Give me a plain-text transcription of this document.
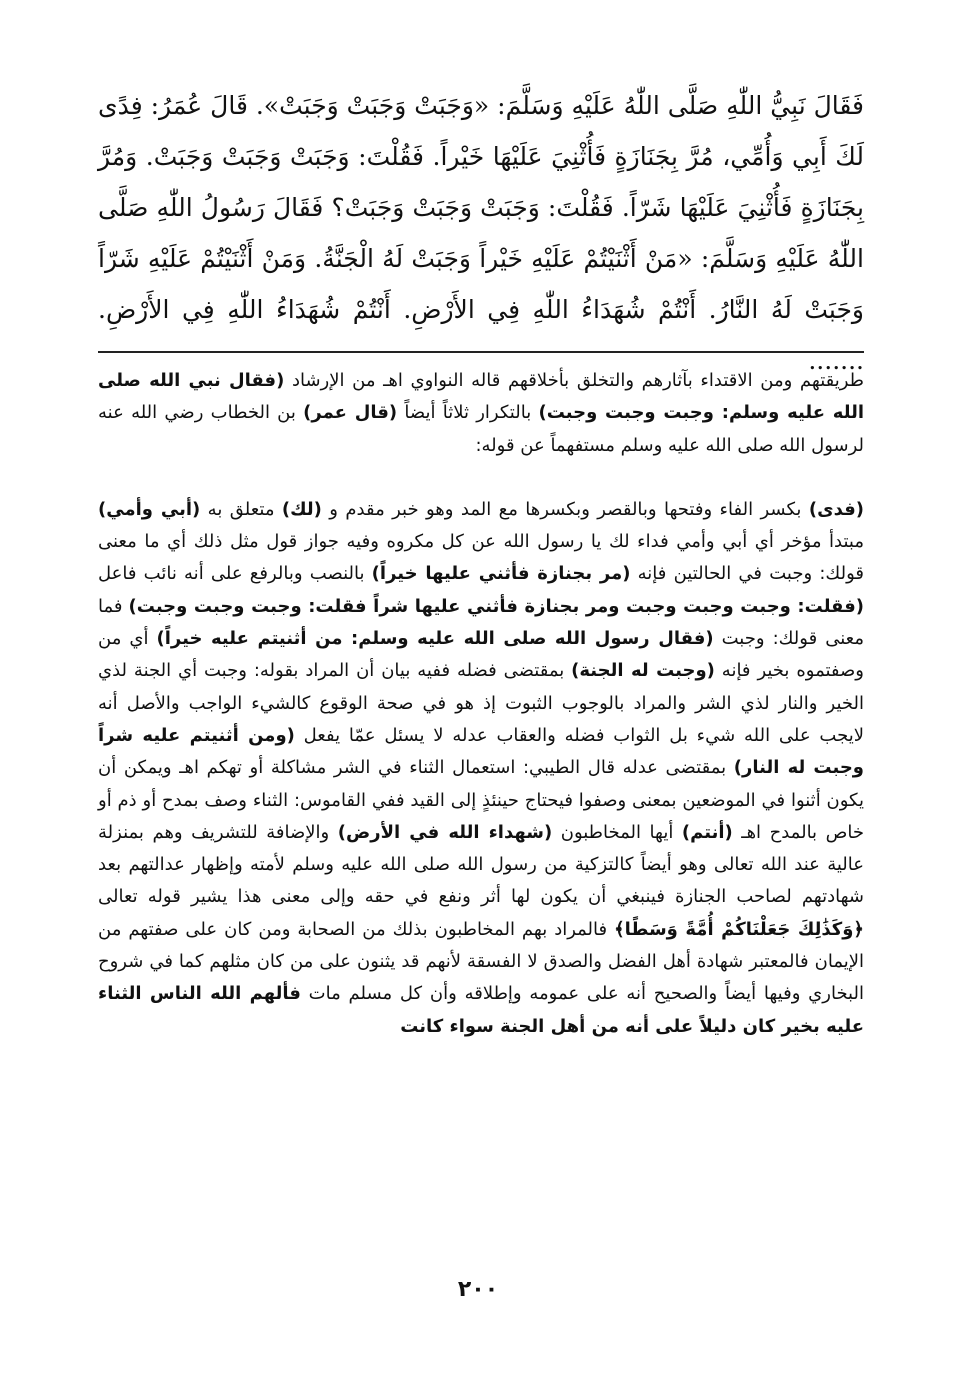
فَقَالَ نَبِيُّ اللّٰهِ صَلَّى اللّٰهُ عَلَيْهِ وَسَلَّمَ: «وَجَبَتْ وَجَبَتْ وَجَبَتْ». قَالَ عُمَرُ: فِدًى لَكَ أَبِي وَأُمِّي، مُرَّ بِجَنَازَةٍ فَأُثْنِيَ عَلَيْهَا خَيْراً. فَقُلْتَ: وَجَبَتْ وَجَبَتْ وَجَبَتْ. وَمُرَّ بِجَنَازَةٍ فَأُثْنِيَ عَلَيْهَا شَرّاً. فَقُلْتَ: وَجَبَتْ وَجَبَتْ وَجَبَتْ؟ فَقَالَ رَسُولُ اللّٰهِ صَلَّى اللّٰهُ عَلَيْهِ وَسَلَّمَ: «مَنْ أَثْنَيْتُمْ عَلَيْهِ خَيْراً وَجَبَتْ لَهُ الْجَنَّةُ. وَمَنْ أَثْنَيْتُمْ عَلَيْهِ شَرّاً وَجَبَتْ لَهُ النَّارُ. أَنْتُمْ شُهَدَاءُ اللّٰهِ فِي الأَرْضِ. أَنْتُمْ شُهَدَاءُ اللّٰهِ فِي الأَرْضِ. .......

طريقتهم ومن الاقتداء بآثارهم والتخلق بأخلاقهم قاله النواوي اهـ من الإرشاد (فقال نبي الله صلى الله عليه وسلم: وجبت وجبت وجبت) بالتكرار ثلاثاً أيضاً (قال عمر) بن الخطاب رضي الله عنه لرسول الله صلى الله عليه وسلم مستفهماً عن قوله:

(فدى) بكسر الفاء وفتحها وبالقصر وبكسرها مع المد وهو خبر مقدم و (لك) متعلق به (أبي وأمي) مبتدأ مؤخر أي أبي وأمي فداء لك يا رسول الله عن كل مكروه وفيه جواز قول مثل ذلك أي ما معنى قولك: وجبت في الحالتين فإنه (مر بجنازة فأثني عليها خيراً) بالنصب وبالرفع على أنه نائب فاعل (فقلت: وجبت وجبت وجبت ومر بجنازة فأثني عليها شراً فقلت: وجبت وجبت وجبت) فما معنى قولك: وجبت (فقال رسول الله صلى الله عليه وسلم: من أثنيتم عليه خيراً) أي من وصفتموه بخير فإنه (وجبت له الجنة) بمقتضى فضله ففيه بيان أن المراد بقوله: وجبت أي الجنة لذي الخير والنار لذي الشر والمراد بالوجوب الثبوت إذ هو في صحة الوقوع كالشيء الواجب والأصل أنه لايجب على الله شيء بل الثواب فضله والعقاب عدله لا يسئل عمّا يفعل (ومن أثنيتم عليه شراً وجبت له النار) بمقتضى عدله قال الطيبي: استعمال الثناء في الشر مشاكلة أو تهكم اهـ ويمكن أن يكون أثنوا في الموضعين بمعنى وصفوا فيحتاج حينئذٍ إلى القيد ففي القاموس: الثناء وصف بمدح أو ذم أو خاص بالمدح اهـ (أنتم) أيها المخاطبون (شهداء الله في الأرض) والإضافة للتشريف وهم بمنزلة عالية عند الله تعالى وهو أيضاً كالتزكية من رسول الله صلى الله عليه وسلم لأمته وإظهار عدالتهم بعد شهادتهم لصاحب الجنازة فينبغي أن يكون لها أثر ونفع في حقه وإلى معنى هذا يشير قوله تعالى ﴿وَكَذَٰلِكَ جَعَلْنَاكُمْ أُمَّةً وَسَطًا﴾ فالمراد بهم المخاطبون بذلك من الصحابة ومن كان على صفتهم من الإيمان فالمعتبر شهادة أهل الفضل والصدق لا الفسقة لأنهم قد يثنون على من كان مثلهم كما في شروح البخاري وفيها أيضاً والصحيح أنه على عمومه وإطلاقه وأن كل مسلم مات فألهم الله الناس الثناء عليه بخير كان دليلاً على أنه من أهل الجنة سواء كانت

٢٠٠
